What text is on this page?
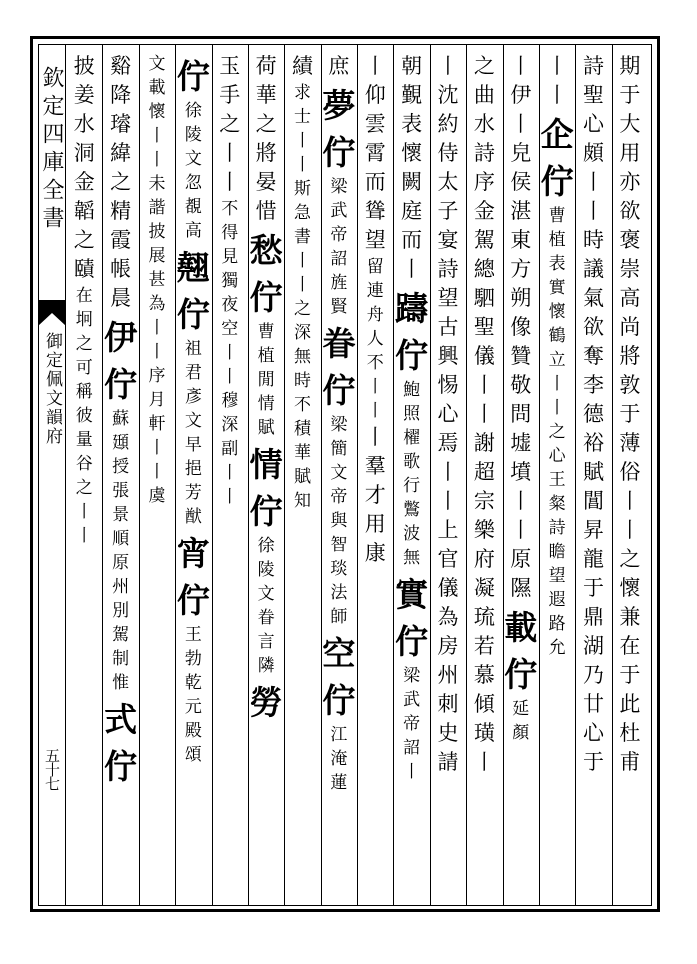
欽定四庫全書
御定佩文韻府
五十七
期
于
大
用
亦
欲
褒
崇
高
尚
將
敦
于
薄
俗
丨
丨
之
懷
兼
在
于
此
杜
甫
詩
聖
心
頗
丨
丨
時
議
氣
欲
奪
李
德
裕
賦
閶
昇
龍
于
鼎
湖
乃
廿
心
于
丨
丨
企
佇
曹
植
表
實
懷
鶴
立
丨
丨
之
心
王
粲
詩
瞻
望
遐
路
允
丨
伊
丨
皃
侯
湛
東
方
朔
像
贊
敬
問
墟
墳
丨
丨
原
隰
載
佇
延
顏
之
曲
水
詩
序
金
駕
總
駟
聖
儀
丨
丨
謝
超
宗
樂
府
凝
琉
若
慕
傾
璜
丨
丨
沈
約
侍
太
子
宴
詩
望
古
興
惕
心
焉
丨
丨
上
官
儀
為
房
州
刺
史
請
朝
覲
表
懷
闕
庭
而
丨
躊
佇
鮑
照
櫂
歌
行
鷩
波
無
實
佇
梁
武
帝
詔
丨
丨
仰
雲
霄
而
聳
望
留
連
舟
人
不
丨
丨
丨
羣
才
用
康
庶
夢
佇
梁
武
帝
詔
旌
賢
眷
佇
梁
簡
文
帝
與
智
琰
法
師
空
佇
江
淹
蓮
績
求
士
丨
丨
斯
急
書
丨
丨
之
深
無
時
不
積
華
賦
知
荷
華
之
將
晏
惜
愁
佇
曹
植
閒
情
賦
情
佇
徐
陵
文
眷
言
隣
勞
玉
手
之
丨
丨
不
得
見
獨
夜
空
丨
丨
穆
深
副
丨
丨
佇
徐
陵
文
忽
覩
高
翹
佇
祖
君
彥
文
早
挹
芳
猷
宵
佇
王
勃
乾
元
殿
頌
文
載
懷
丨
丨
未
諧
披
展
甚
為
丨
丨
序
月
軒
丨
丨
虞
谿
降
璿
緯
之
精
霞
帳
晨
伊
佇
蘇
頲
授
張
景
順
原
州
別
駕
制
惟
式
佇
披
姜
水
洞
金
韜
之
賾
在
坰
之
可
稱
彼
量
谷
之
丨
丨
